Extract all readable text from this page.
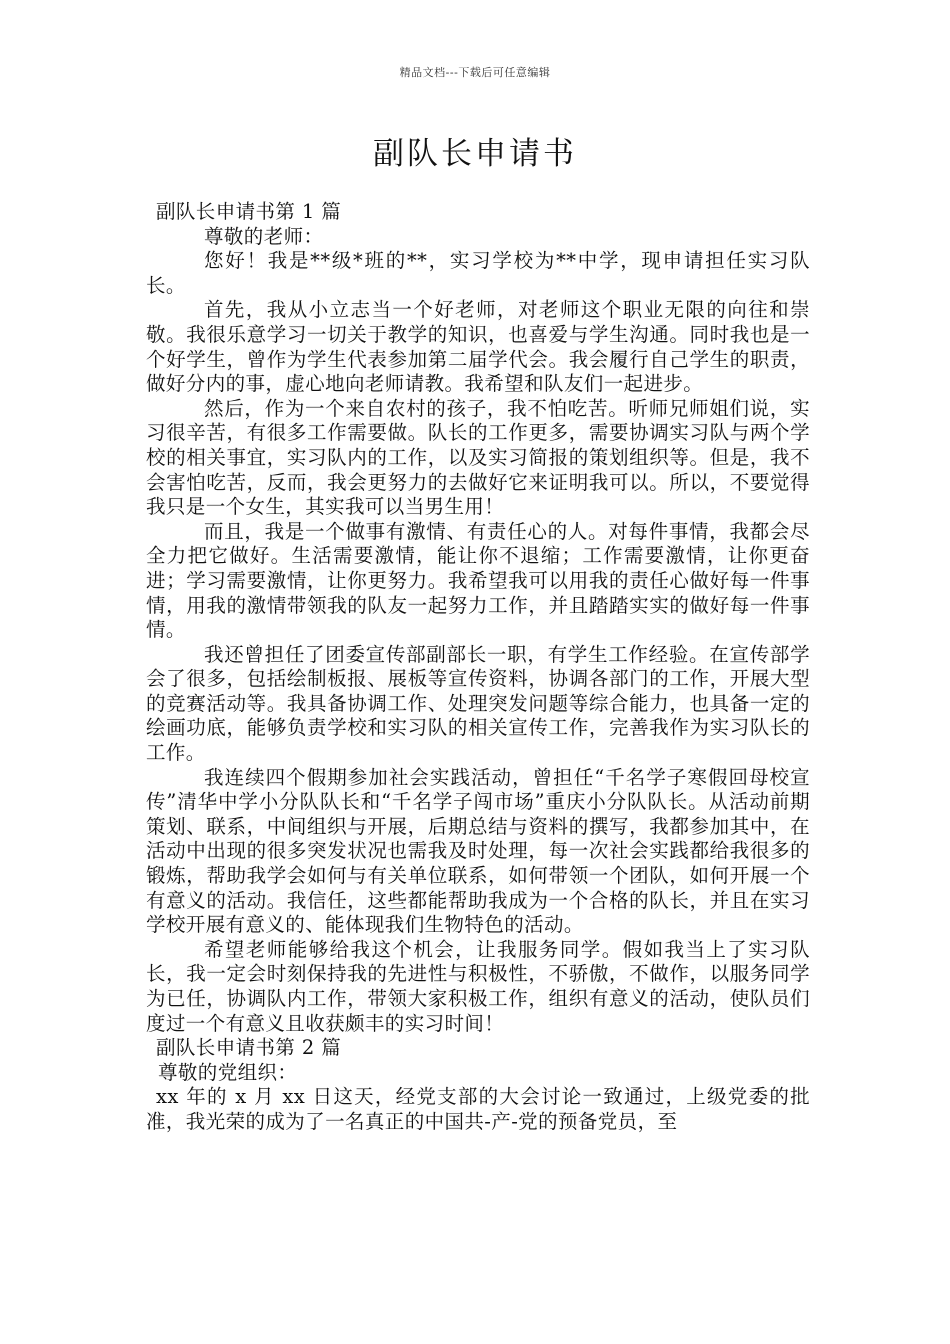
精品文档---下载后可任意编辑
副队长申请书

副队长申请书第 1 篇

尊敬的老师：

您好！我是**级*班的**，实习学校为**中学，现申请担任实习队长。

首先，我从小立志当一个好老师，对老师这个职业无限的向往和崇敬。我很乐意学习一切关于教学的知识，也喜爱与学生沟通。同时我也是一个好学生，曾作为学生代表参加第二届学代会。我会履行自己学生的职责，做好分内的事，虚心地向老师请教。我希望和队友们一起进步。

然后，作为一个来自农村的孩子，我不怕吃苦。听师兄师姐们说，实习很辛苦，有很多工作需要做。队长的工作更多，需要协调实习队与两个学校的相关事宜，实习队内的工作，以及实习简报的策划组织等。但是，我不会害怕吃苦，反而，我会更努力的去做好它来证明我可以。所以，不要觉得我只是一个女生，其实我可以当男生用！

而且，我是一个做事有激情、有责任心的人。对每件事情，我都会尽全力把它做好。生活需要激情，能让你不退缩；工作需要激情，让你更奋进；学习需要激情，让你更努力。我希望我可以用我的责任心做好每一件事情，用我的激情带领我的队友一起努力工作，并且踏踏实实的做好每一件事情。

我还曾担任了团委宣传部副部长一职，有学生工作经验。在宣传部学会了很多，包括绘制板报、展板等宣传资料，协调各部门的工作，开展大型的竞赛活动等。我具备协调工作、处理突发问题等综合能力，也具备一定的绘画功底，能够负责学校和实习队的相关宣传工作，完善我作为实习队长的工作。

我连续四个假期参加社会实践活动，曾担任“千名学子寒假回母校宣传”清华中学小分队队长和“千名学子闯市场”重庆小分队队长。从活动前期策划、联系，中间组织与开展，后期总结与资料的撰写，我都参加其中，在活动中出现的很多突发状况也需我及时处理，每一次社会实践都给我很多的锻炼，帮助我学会如何与有关单位联系，如何带领一个团队，如何开展一个有意义的活动。我信任，这些都能帮助我成为一个合格的队长，并且在实习学校开展有意义的、能体现我们生物特色的活动。

希望老师能够给我这个机会，让我服务同学。假如我当上了实习队长，我一定会时刻保持我的先进性与积极性，不骄傲，不做作，以服务同学为已任，协调队内工作，带领大家积极工作，组织有意义的活动，使队员们度过一个有意义且收获颇丰的实习时间！

副队长申请书第 2 篇

尊敬的党组织：

xx 年的 x 月 xx 日这天，经党支部的大会讨论一致通过，上级党委的批准，我光荣的成为了一名真正的中国共-产-党的预备党员，至
